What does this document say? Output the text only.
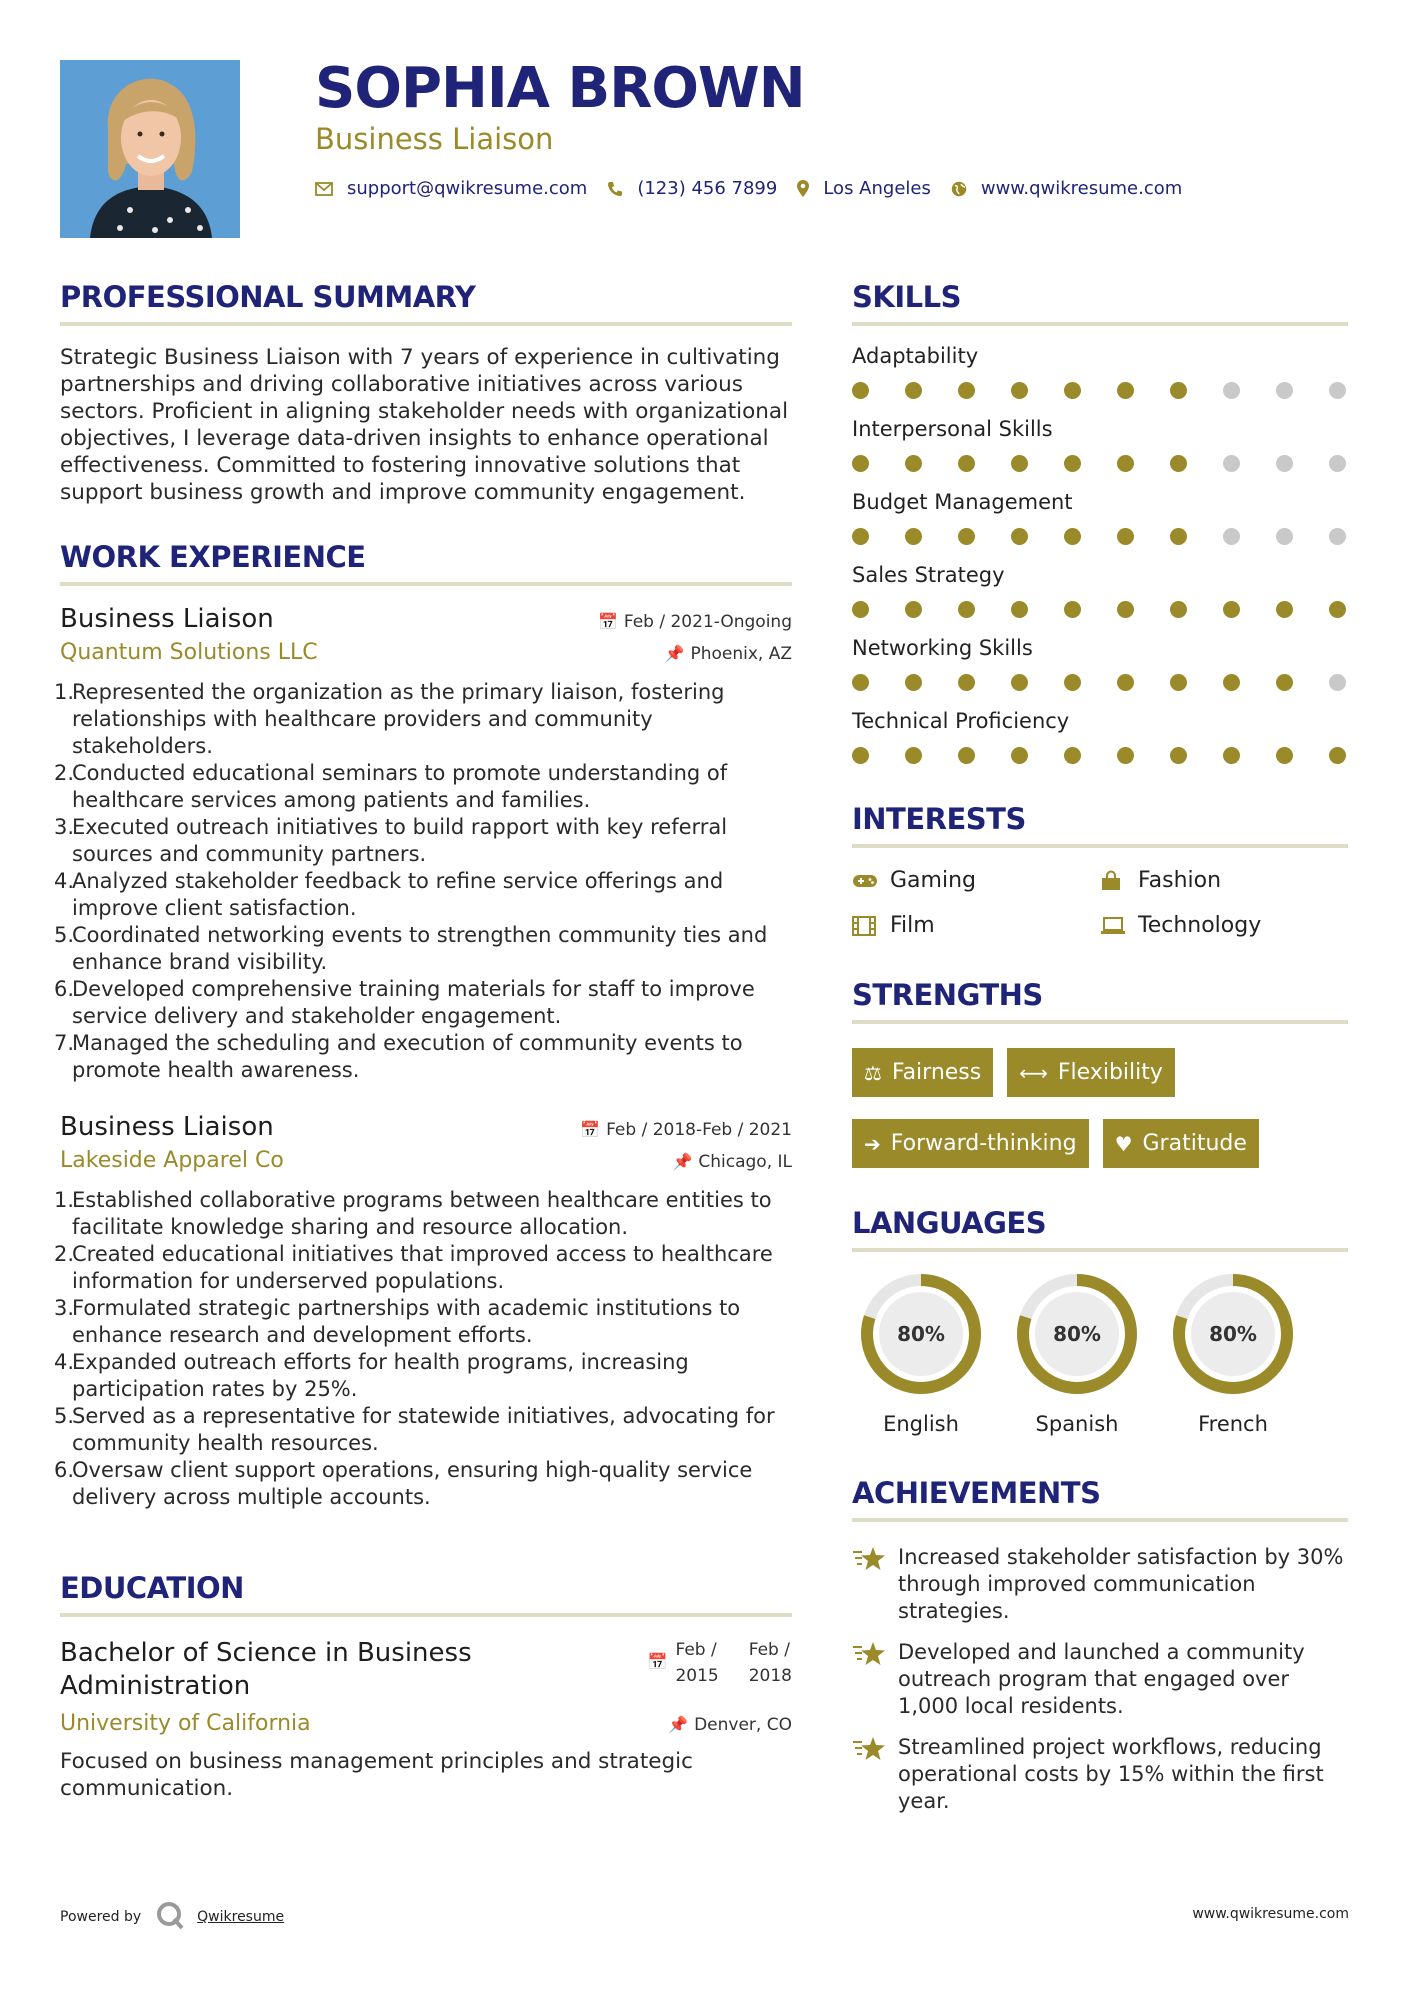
SOPHIA BROWN
Business Liaison
support@qwikresume.com	(123) 456 7899	Los Angeles	www.qwikresume.com
PROFESSIONAL SUMMARY

Strategic Business Liaison with 7 years of experience in cultivating partnerships and driving collaborative initiatives across various sectors. Proficient in aligning stakeholder needs with organizational objectives, I leverage data-driven insights to enhance operational effectiveness. Committed to fostering innovative solutions that support business growth and improve community engagement.

WORK EXPERIENCE
Business Liaison	📅 Feb / 2021-Ongoing
Quantum Solutions LLC	📌 Phoenix, AZ
1.
Represented the organization as the primary liaison, fostering relationships with healthcare providers and community stakeholders.
2.
Conducted educational seminars to promote understanding of healthcare services among patients and families.
3.
Executed outreach initiatives to build rapport with key referral sources and community partners.
4.
Analyzed stakeholder feedback to refine service offerings and improve client satisfaction.
5.
Coordinated networking events to strengthen community ties and enhance brand visibility.
6.
Developed comprehensive training materials for staff to improve service delivery and stakeholder engagement.
7.
Managed the scheduling and execution of community events to promote health awareness.
Business Liaison	📅 Feb / 2018-Feb / 2021
Lakeside Apparel Co	📌 Chicago, IL
1.
Established collaborative programs between healthcare entities to facilitate knowledge sharing and resource allocation.
2.
Created educational initiatives that improved access to healthcare information for underserved populations.
3.
Formulated strategic partnerships with academic institutions to enhance research and development efforts.
4.
Expanded outreach efforts for health programs, increasing participation rates by 25%.
5.
Served as a representative for statewide initiatives, advocating for community health resources.
6.
Oversaw client support operations, ensuring high-quality service delivery across multiple accounts.
EDUCATION
Bachelor of Science in Business Administration
📅
Feb /
2015
Feb /
2018
University of California	📌 Denver, CO

Focused on business management principles and strategic communication.

SKILLS
Adaptability
Interpersonal Skills
Budget Management
Sales Strategy
Networking Skills
Technical Proficiency
INTERESTS
Gaming	Fashion
Film	Technology
STRENGTHS
⚖ Fairness ⟷ Flexibility
➔ Forward-thinking ♥ Gratitude
LANGUAGES
80%
English
80%
Spanish
80%
French
ACHIEVEMENTS
Increased stakeholder satisfaction by 30% through improved communication strategies.
Developed and launched a community outreach program that engaged over 1,000 local residents.
Streamlined project workflows, reducing operational costs by 15% within the first year.
Powered by	Qwikresume	www.qwikresume.com
